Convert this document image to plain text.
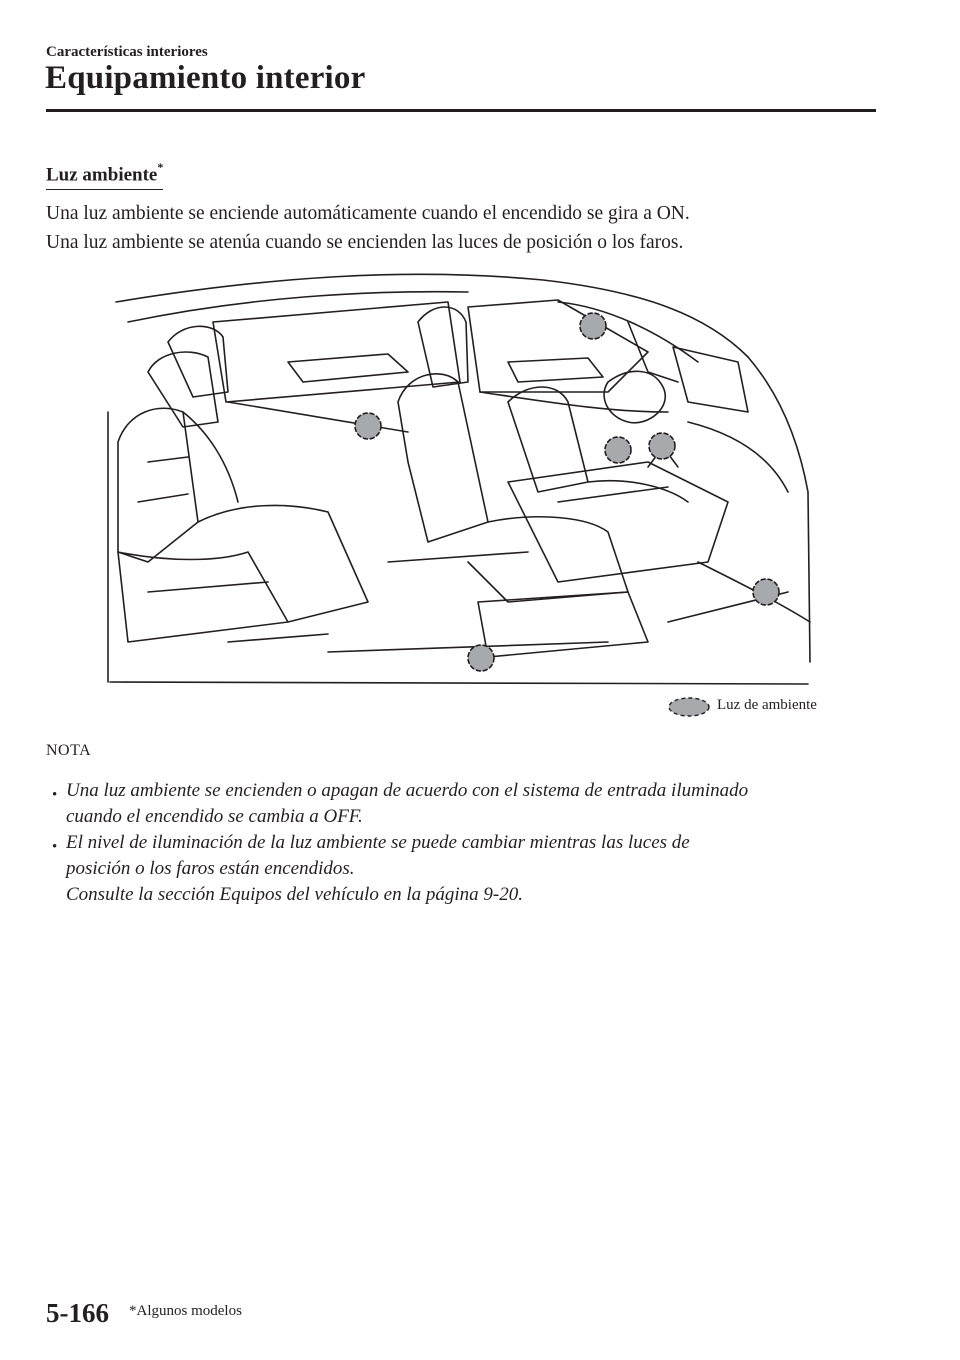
Características interiores
Equipamiento interior
Luz ambiente*
Una luz ambiente se enciende automáticamente cuando el encendido se gira a ON.
Una luz ambiente se atenúa cuando se encienden las luces de posición o los faros.
Luz de ambiente
NOTA
• Una luz ambiente se encienden o apagan de acuerdo con el sistema de entrada iluminado
cuando el encendido se cambia a OFF.
• El nivel de iluminación de la luz ambiente se puede cambiar mientras las luces de
posición o los faros están encendidos.
Consulte la sección Equipos del vehículo en la página 9-20.
5-166 *Algunos modelos
